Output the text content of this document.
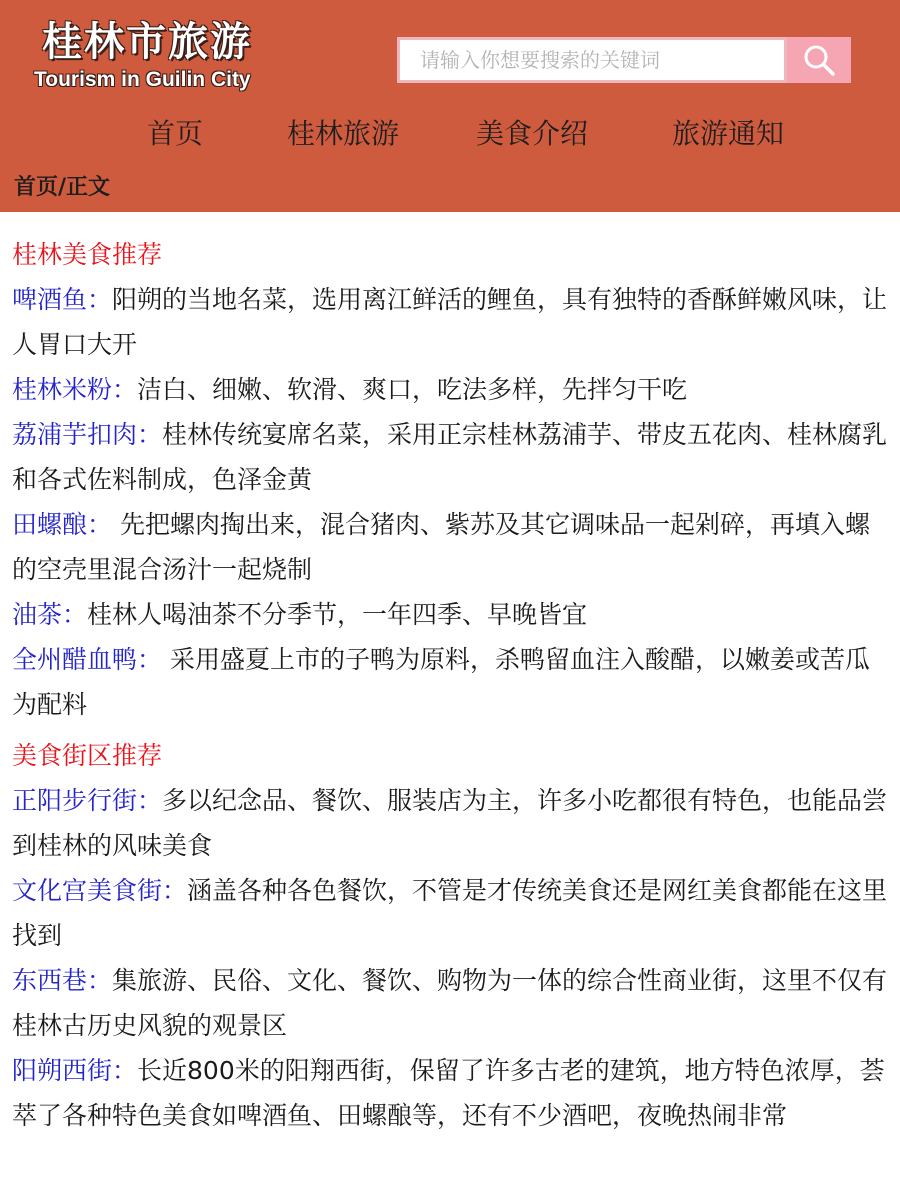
桂林市旅游
Tourism in Guilin City
请输入你想要搜索的关键词
首页	桂林旅游	美食介绍	旅游通知
首页/正文
桂林美食推荐
啤酒鱼：阳朔的当地名菜，选用离江鲜活的鲤鱼，具有独特的香酥鲜嫩风味，让人胃口大开
桂林米粉：洁白、细嫩、软滑、爽口，吃法多样，先拌匀干吃
荔浦芋扣肉：桂林传统宴席名菜，采用正宗桂林荔浦芋、带皮五花肉、桂林腐乳和各式佐料制成，色泽金黄
田螺酿： 先把螺肉掏出来，混合猪肉、紫苏及其它调味品一起剁碎，再填入螺的空壳里混合汤汁一起烧制
油茶：桂林人喝油茶不分季节，一年四季、早晚皆宜
全州醋血鸭： 采用盛夏上市的子鸭为原料，杀鸭留血注入酸醋，以嫩姜或苦瓜为配料
美食街区推荐
正阳步行街：多以纪念品、餐饮、服装店为主，许多小吃都很有特色，也能品尝到桂林的风味美食
文化宫美食街：涵盖各种各色餐饮，不管是才传统美食还是网红美食都能在这里找到
东西巷：集旅游、民俗、文化、餐饮、购物为一体的综合性商业街，这里不仅有桂林古历史风貌的观景区
阳朔西街：长近800米的阳翔西街，保留了许多古老的建筑，地方特色浓厚，荟萃了各种特色美食如啤酒鱼、田螺酿等，还有不少酒吧，夜晚热闹非常
